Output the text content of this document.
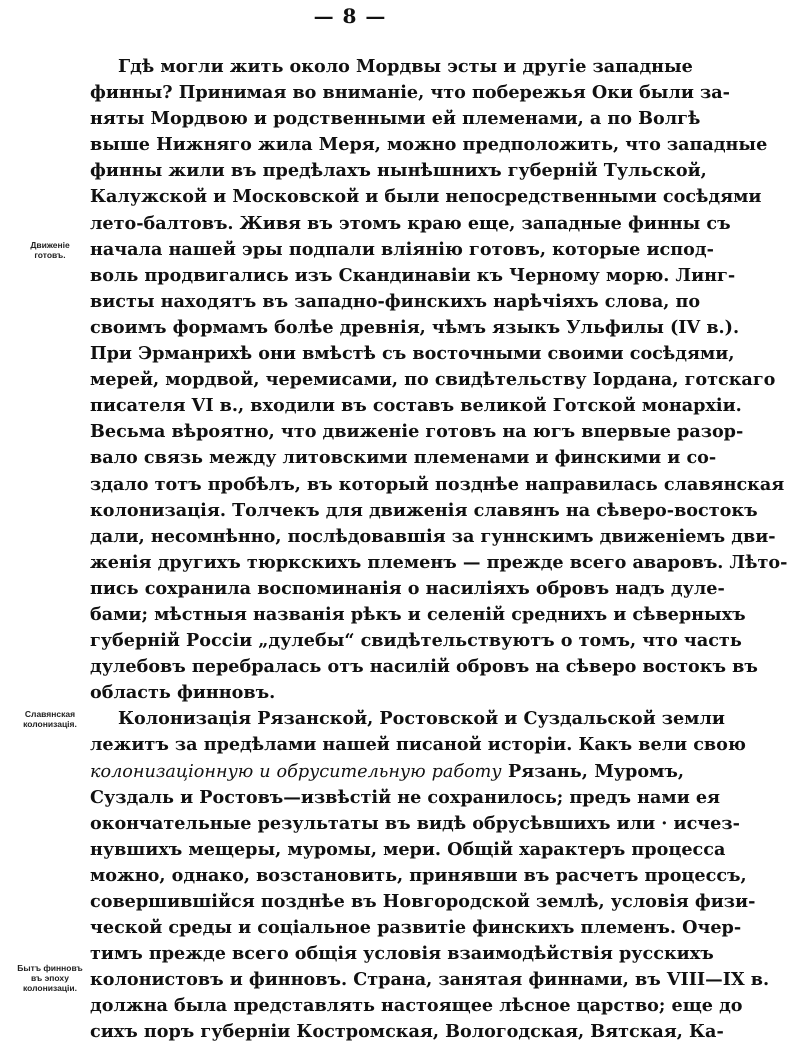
— 8 —
Движеніе
готовъ.
Славянская
колонизація.
Бытъ финновъ
въ эпоху
колонизаціи.
Гдѣ могли жить около Мордвы эсты и другіе западные
финны? Принимая во вниманіе, что побережья Оки были за-
няты Мордвою и родственными ей племенами, а по Волгѣ
выше Нижняго жила Меря, можно предположить, что западные
финны жили въ предѣлахъ нынѣшнихъ губерній Тульской,
Калужской и Московской и были непосредственными сосѣдями
лето-балтовъ. Живя въ этомъ краю еще, западные финны съ
начала нашей эры подпали вліянію готовъ, которые испод-
воль продвигались изъ Скандинавіи къ Черному морю. Линг-
висты находятъ въ западно-финскихъ нарѣчіяхъ слова, по
своимъ формамъ болѣе древнія, чѣмъ языкъ Ульфилы (IV в.).
При Эрманрихѣ они вмѣстѣ съ восточными своими сосѣдями,
мерей, мордвой, черемисами, по свидѣтельству Іордана, готскаго
писателя VI в., входили въ составъ великой Готской монархіи.
Весьма вѣроятно, что движеніе готовъ на югъ впервые разор-
вало связь между литовскими племенами и финскими и со-
здало тотъ пробѣлъ, въ который позднѣе направилась славянская
колонизація. Толчекъ для движенія славянъ на сѣверо-востокъ
дали, несомнѣнно, послѣдовавшія за гуннскимъ движеніемъ дви-
женія другихъ тюркскихъ племенъ — прежде всего аваровъ. Лѣто-
пись сохранила воспоминанія о насиліяхъ обровъ надъ дуле-
бами; мѣстныя названія рѣкъ и селеній среднихъ и сѣверныхъ
губерній Россіи „дулебы“ свидѣтельствуютъ о томъ, что часть
дулебовъ перебралась отъ насилій обровъ на сѣверо востокъ въ
область финновъ.
Колонизація Рязанской, Ростовской и Суздальской земли
лежитъ за предѣлами нашей писаной исторіи. Какъ вели свою
колонизаціонную и обрусительную работу Рязань, Муромъ,
Суздаль и Ростовъ—извѣстій не сохранилось; предъ нами ея
окончательные результаты въ видѣ обрусѣвшихъ или · исчез-
нувшихъ мещеры, муромы, мери. Общій характеръ процесса
можно, однако, возстановить, принявши въ расчетъ процессъ,
совершившійся позднѣе въ Новгородской землѣ, условія физи-
ческой среды и соціальное развитіе финскихъ племенъ. Очер-
тимъ прежде всего общія условія взаимодѣйствія русскихъ
колонистовъ и финновъ. Страна, занятая финнами, въ VIII—IX в.
должна была представлять настоящее лѣсное царство; еще до
сихъ поръ губерніи Костромская, Вологодская, Вятская, Ка-
